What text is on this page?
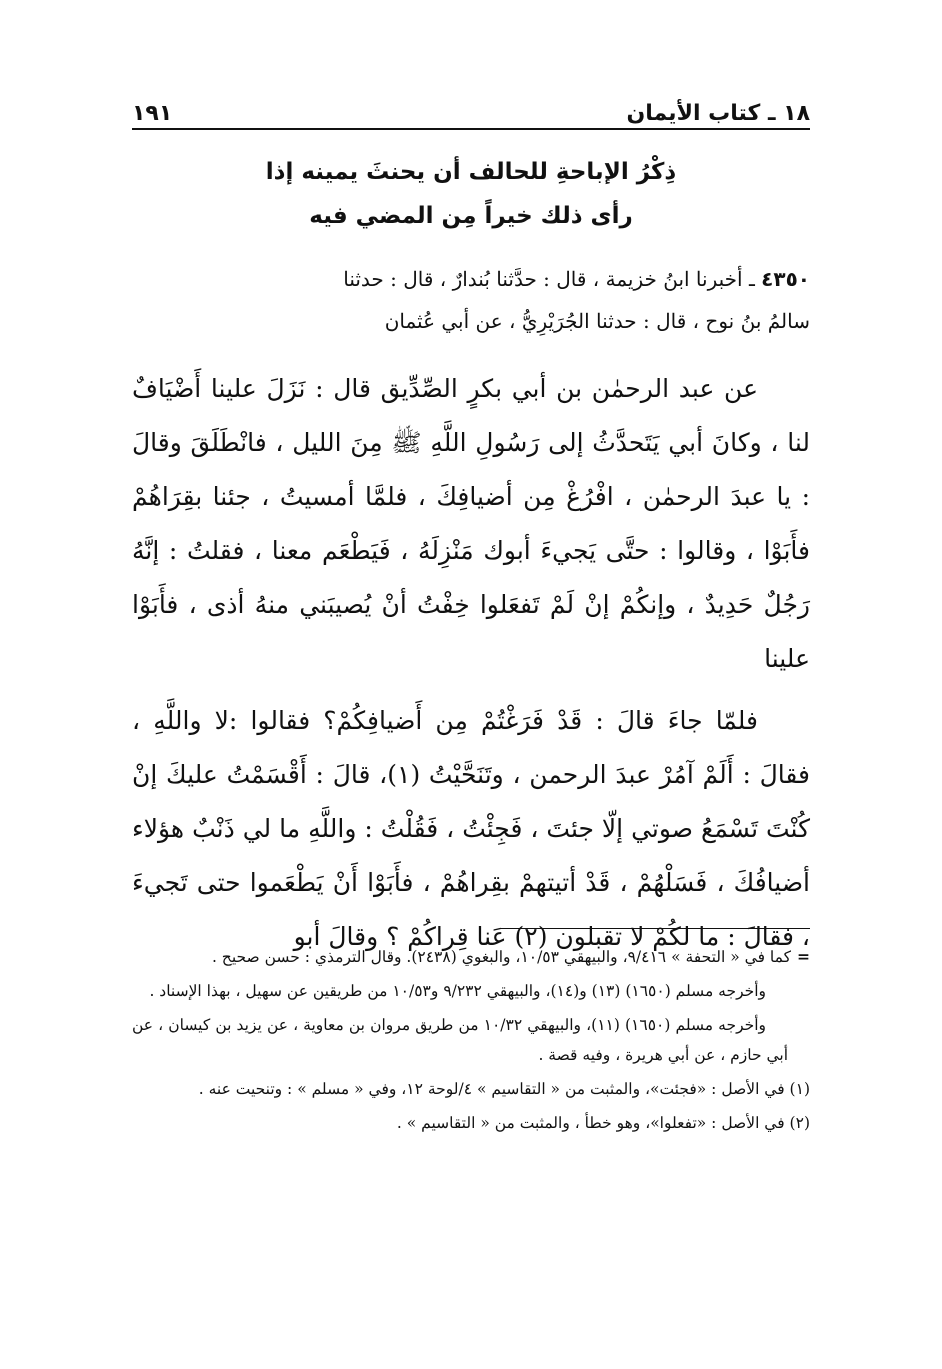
١٨ ـ كتاب الأيمان
١٩١
ذِكْرُ الإباحةِ للحالف أن يحنثَ يمينه إذا
رأى ذلك خيراً مِن المضي فيه

٤٣٥٠ ـ أخبرنا ابنُ خزيمة ، قال : حدَّثنا بُندارٌ ، قال : حدثنا

سالمُ بنُ نوح ، قال : حدثنا الجُرَيْرِيُّ ، عن أبي عُثمان

عن عبد الرحمٰن بن أبي بكرٍ الصِّدِّيق قال : نَزَلَ علينا أَضْيَافٌ لنا ، وكانَ أبي يَتَحدَّثُ إلى رَسُولِ اللَّهِ ﷺ مِنَ الليل ، فانْطَلَقَ وقالَ : يا عبدَ الرحمٰن ، افْرُغْ مِن أضيافِكَ ، فلمَّا أمسيتُ ، جئنا بقِرَاهُمْ فأَبَوْا ، وقالوا : حتَّى يَجيءَ أبوك مَنْزِلَهُ ، فَيَطْعَم معنا ، فقلتُ : إنَّهُ رَجُلٌ حَدِيدٌ ، وإنكُمْ إنْ لَمْ تَفعَلوا خِفْتُ أنْ يُصيبَني منهُ أذى ، فأَبَوْا علينا

فلمّا جاءَ قالَ : قَدْ فَرَغْتُمْ مِن أَضيافِكُمْ؟ فقالوا :لا واللَّهِ ، فقالَ : أَلَمْ آمُرْ عبدَ الرحمن ، وتَنَحَّيْتُ (١)، قالَ : أَقْسَمْتُ عليكَ إنْ كُنْتَ تَسْمَعُ صوتي إلّا جئتَ ، فَجِئْتُ ، فَقُلْتُ : واللَّهِ ما لي ذَنْبٌ هؤلاء أضيافُكَ ، فَسَلْهُمْ ، قَدْ أتيتهمْ بقِراهُمْ ، فأَبَوْا أَنْ يَطْعَموا حتى تَجيءَ ، فقالَ : ما لكُمْ لا تقبلون (٢) عَنا قِراكُمْ ؟ وقالَ أبو

=كما في « التحفة » ٩/٤١٦، والبيهقي ١٠/٥٣، والبغوي (٢٤٣٨). وقال الترمذي : حسن صحيح .

وأخرجه مسلم (١٦٥٠) (١٣) و(١٤)، والبيهقي ٩/٢٣٢ و١٠/٥٣ من طريقين عن سهيل ، بهذا الإسناد .

وأخرجه مسلم (١٦٥٠) (١١)، والبيهقي ١٠/٣٢ من طريق مروان بن معاوية ، عن يزيد بن كيسان ، عن أبي حازم ، عن أبي هريرة ، وفيه قصة .

(١) في الأصل : «فجئت»، والمثبت من « التقاسيم » ٤/لوحة ١٢، وفي « مسلم » : وتنحيت عنه .

(٢) في الأصل : «تفعلوا»، وهو خطأ ، والمثبت من « التقاسيم » .
